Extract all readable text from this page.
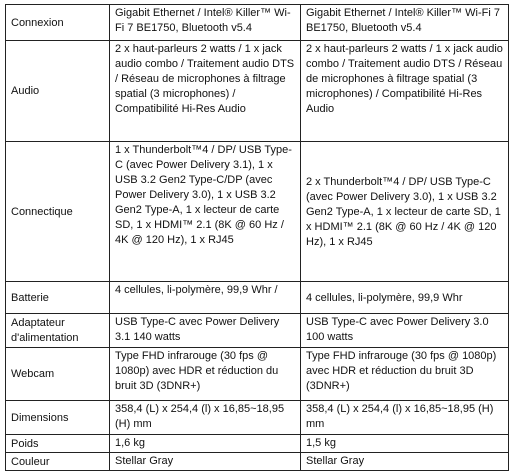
Connexion	Gigabit Ethernet / Intel® Killer™ Wi-Fi 7 BE1750, Bluetooth v5.4	Gigabit Ethernet / Intel® Killer™ Wi-Fi 7 BE1750, Bluetooth v5.4
Audio	2 x haut-parleurs 2 watts / 1 x jack audio combo / Traitement audio DTS / Réseau de microphones à filtrage spatial (3 microphones) / Compatibilité Hi-Res Audio	2 x haut-parleurs 2 watts / 1 x jack audio combo / Traitement audio DTS / Réseau de microphones à filtrage spatial (3 microphones) / Compatibilité Hi-Res Audio
Connectique	1 x Thunderbolt™4 / DP/ USB Type-C (avec Power Delivery 3.1), 1 x USB 3.2 Gen2 Type-C/DP (avec Power Delivery 3.0), 1 x USB 3.2 Gen2 Type-A, 1 x lecteur de carte SD, 1 x HDMI™ 2.1 (8K @ 60 Hz / 4K @ 120 Hz), 1 x RJ45	2 x Thunderbolt™4 / DP/ USB Type-C (avec Power Delivery 3.0), 1 x USB 3.2 Gen2 Type-A, 1 x lecteur de carte SD, 1 x HDMI™ 2.1 (8K @ 60 Hz / 4K @ 120 Hz), 1 x RJ45
Batterie	4 cellules, li-polymère, 99,9 Whr /	4 cellules, li-polymère, 99,9 Whr
Adaptateur d'alimentation	USB Type-C avec Power Delivery 3.1 140 watts	USB Type-C avec Power Delivery 3.0 100 watts
Webcam	Type FHD infrarouge (30 fps @ 1080p) avec HDR et réduction du bruit 3D (3DNR+)	Type FHD infrarouge (30 fps @ 1080p) avec HDR et réduction du bruit 3D (3DNR+)
Dimensions	358,4 (L) x 254,4 (l) x 16,85~18,95 (H) mm	358,4 (L) x 254,4 (l) x 16,85~18,95 (H) mm
Poids	1,6 kg	1,5 kg
Couleur	Stellar Gray	Stellar Gray
